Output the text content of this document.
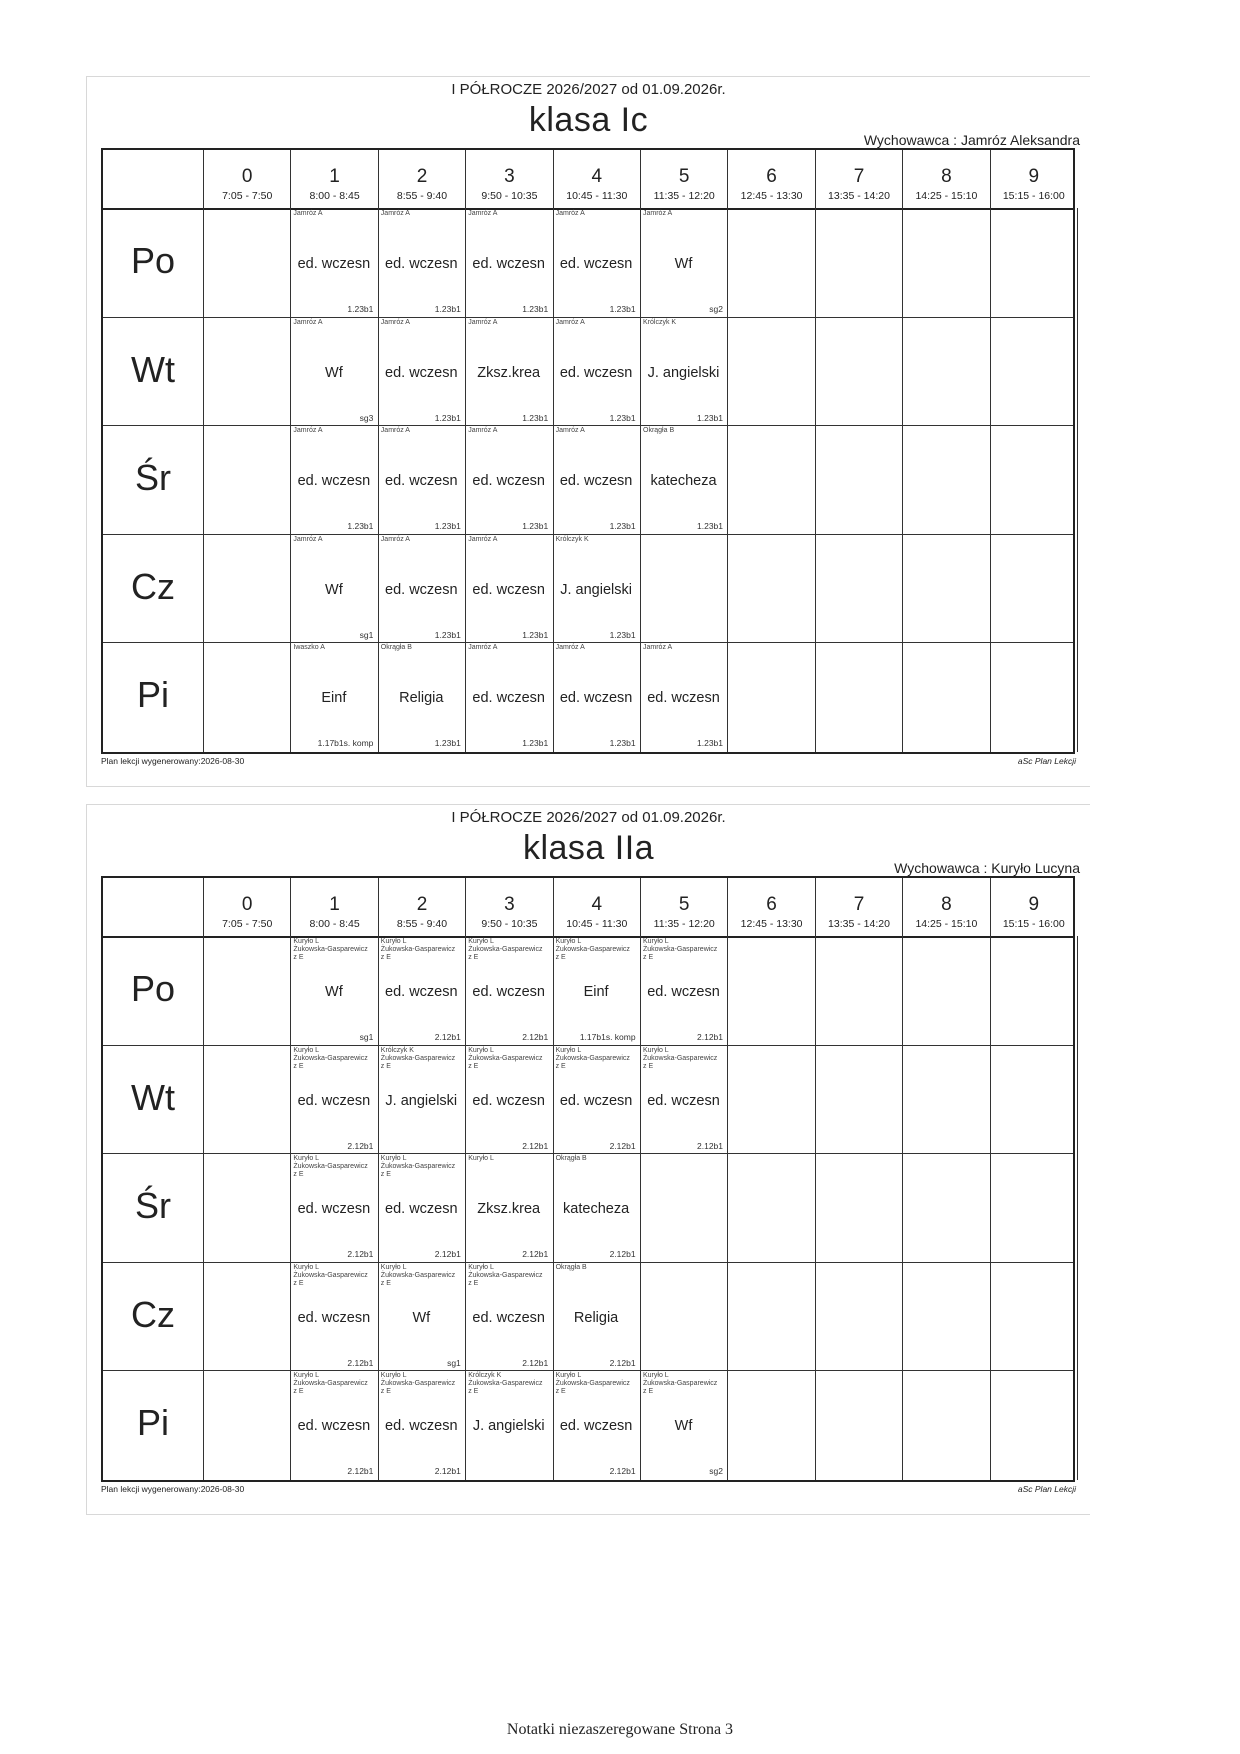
I PÓŁROCZE 2026/2027 od 01.09.2026r.
klasa Ic
Wychowawca : Jamróz Aleksandra
0
7:05 - 7:50
1
8:00 - 8:45
2
8:55 - 9:40
3
9:50 - 10:35
4
10:45 - 11:30
5
11:35 - 12:20
6
12:45 - 13:30
7
13:35 - 14:20
8
14:25 - 15:10
9
15:15 - 16:00
Po
Jamróz A
ed. wczesn
1.23b1
Jamróz A
ed. wczesn
1.23b1
Jamróz A
ed. wczesn
1.23b1
Jamróz A
ed. wczesn
1.23b1
Jamróz A
Wf
sg2
Wt
Jamróz A
Wf
sg3
Jamróz A
ed. wczesn
1.23b1
Jamróz A
Zksz.krea
1.23b1
Jamróz A
ed. wczesn
1.23b1
Królczyk K
J. angielski
1.23b1
Śr
Jamróz A
ed. wczesn
1.23b1
Jamróz A
ed. wczesn
1.23b1
Jamróz A
ed. wczesn
1.23b1
Jamróz A
ed. wczesn
1.23b1
Okrągła B
katecheza
1.23b1
Cz
Jamróz A
Wf
sg1
Jamróz A
ed. wczesn
1.23b1
Jamróz A
ed. wczesn
1.23b1
Królczyk K
J. angielski
1.23b1
Pi
Iwaszko A
Einf
1.17b1s. komp
Okrągła B
Religia
1.23b1
Jamróz A
ed. wczesn
1.23b1
Jamróz A
ed. wczesn
1.23b1
Jamróz A
ed. wczesn
1.23b1
Plan lekcji wygenerowany:2026-08-30	aSc Plan Lekcji
I PÓŁROCZE 2026/2027 od 01.09.2026r.
klasa IIa
Wychowawca : Kuryło Lucyna
0
7:05 - 7:50
1
8:00 - 8:45
2
8:55 - 9:40
3
9:50 - 10:35
4
10:45 - 11:30
5
11:35 - 12:20
6
12:45 - 13:30
7
13:35 - 14:20
8
14:25 - 15:10
9
15:15 - 16:00
Po
Kuryło L
Żukowska-Gasparewicz
z E
Wf
sg1
Kuryło L
Żukowska-Gasparewicz
z E
ed. wczesn
2.12b1
Kuryło L
Żukowska-Gasparewicz
z E
ed. wczesn
2.12b1
Kuryło L
Żukowska-Gasparewicz
z E
Einf
1.17b1s. komp
Kuryło L
Żukowska-Gasparewicz
z E
ed. wczesn
2.12b1
Wt
Kuryło L
Żukowska-Gasparewicz
z E
ed. wczesn
2.12b1
Królczyk K
Żukowska-Gasparewicz
z E
J. angielski
Kuryło L
Żukowska-Gasparewicz
z E
ed. wczesn
2.12b1
Kuryło L
Żukowska-Gasparewicz
z E
ed. wczesn
2.12b1
Kuryło L
Żukowska-Gasparewicz
z E
ed. wczesn
2.12b1
Śr
Kuryło L
Żukowska-Gasparewicz
z E
ed. wczesn
2.12b1
Kuryło L
Żukowska-Gasparewicz
z E
ed. wczesn
2.12b1
Kuryło L
Zksz.krea
2.12b1
Okrągła B
katecheza
2.12b1
Cz
Kuryło L
Żukowska-Gasparewicz
z E
ed. wczesn
2.12b1
Kuryło L
Żukowska-Gasparewicz
z E
Wf
sg1
Kuryło L
Żukowska-Gasparewicz
z E
ed. wczesn
2.12b1
Okrągła B
Religia
2.12b1
Pi
Kuryło L
Żukowska-Gasparewicz
z E
ed. wczesn
2.12b1
Kuryło L
Żukowska-Gasparewicz
z E
ed. wczesn
2.12b1
Królczyk K
Żukowska-Gasparewicz
z E
J. angielski
Kuryło L
Żukowska-Gasparewicz
z E
ed. wczesn
2.12b1
Kuryło L
Żukowska-Gasparewicz
z E
Wf
sg2
Plan lekcji wygenerowany:2026-08-30	aSc Plan Lekcji
Notatki niezaszeregowane Strona 3
